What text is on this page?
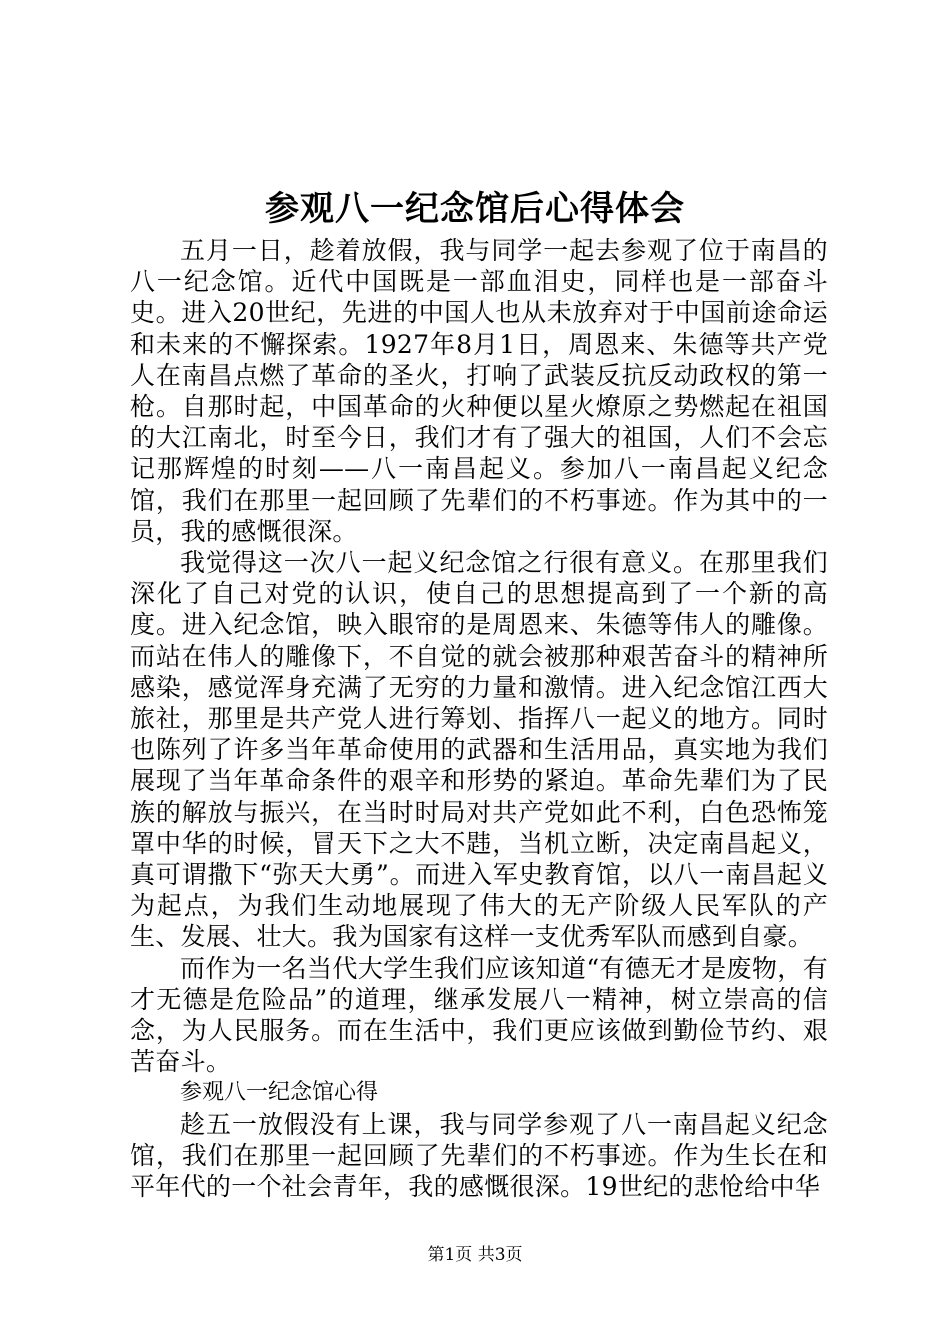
参观八一纪念馆后心得体会

五月一日，趁着放假，我与同学一起去参观了位于南昌的八一纪念馆。近代中国既是一部血泪史，同样也是一部奋斗史。进入20世纪，先进的中国人也从未放弃对于中国前途命运和未来的不懈探索。1927年8月1日，周恩来、朱德等共产党人在南昌点燃了革命的圣火，打响了武装反抗反动政权的第一枪。自那时起，中国革命的火种便以星火燎原之势燃起在祖国的大江南北，时至今日，我们才有了强大的祖国，人们不会忘记那辉煌的时刻——八一南昌起义。参加八一南昌起义纪念馆，我们在那里一起回顾了先辈们的不朽事迹。作为其中的一员，我的感慨很深。

我觉得这一次八一起义纪念馆之行很有意义。在那里我们深化了自己对党的认识，使自己的思想提高到了一个新的高度。进入纪念馆，映入眼帘的是周恩来、朱德等伟人的雕像。而站在伟人的雕像下，不自觉的就会被那种艰苦奋斗的精神所感染，感觉浑身充满了无穷的力量和激情。进入纪念馆江西大旅社，那里是共产党人进行筹划、指挥八一起义的地方。同时也陈列了许多当年革命使用的武器和生活用品，真实地为我们展现了当年革命条件的艰辛和形势的紧迫。革命先辈们为了民族的解放与振兴，在当时时局对共产党如此不利，白色恐怖笼罩中华的时候，冒天下之大不韪，当机立断，决定南昌起义，真可谓撒下“弥天大勇”。而进入军史教育馆，以八一南昌起义为起点，为我们生动地展现了伟大的无产阶级人民军队的产生、发展、壮大。我为国家有这样一支优秀军队而感到自豪。

而作为一名当代大学生我们应该知道“有德无才是废物，有才无德是危险品”的道理，继承发展八一精神，树立崇高的信念，为人民服务。而在生活中，我们更应该做到勤俭节约、艰苦奋斗。

参观八一纪念馆心得

趁五一放假没有上课，我与同学参观了八一南昌起义纪念馆，我们在那里一起回顾了先辈们的不朽事迹。作为生长在和平年代的一个社会青年，我的感慨很深。19世纪的悲怆给中华

第1页 共3页
